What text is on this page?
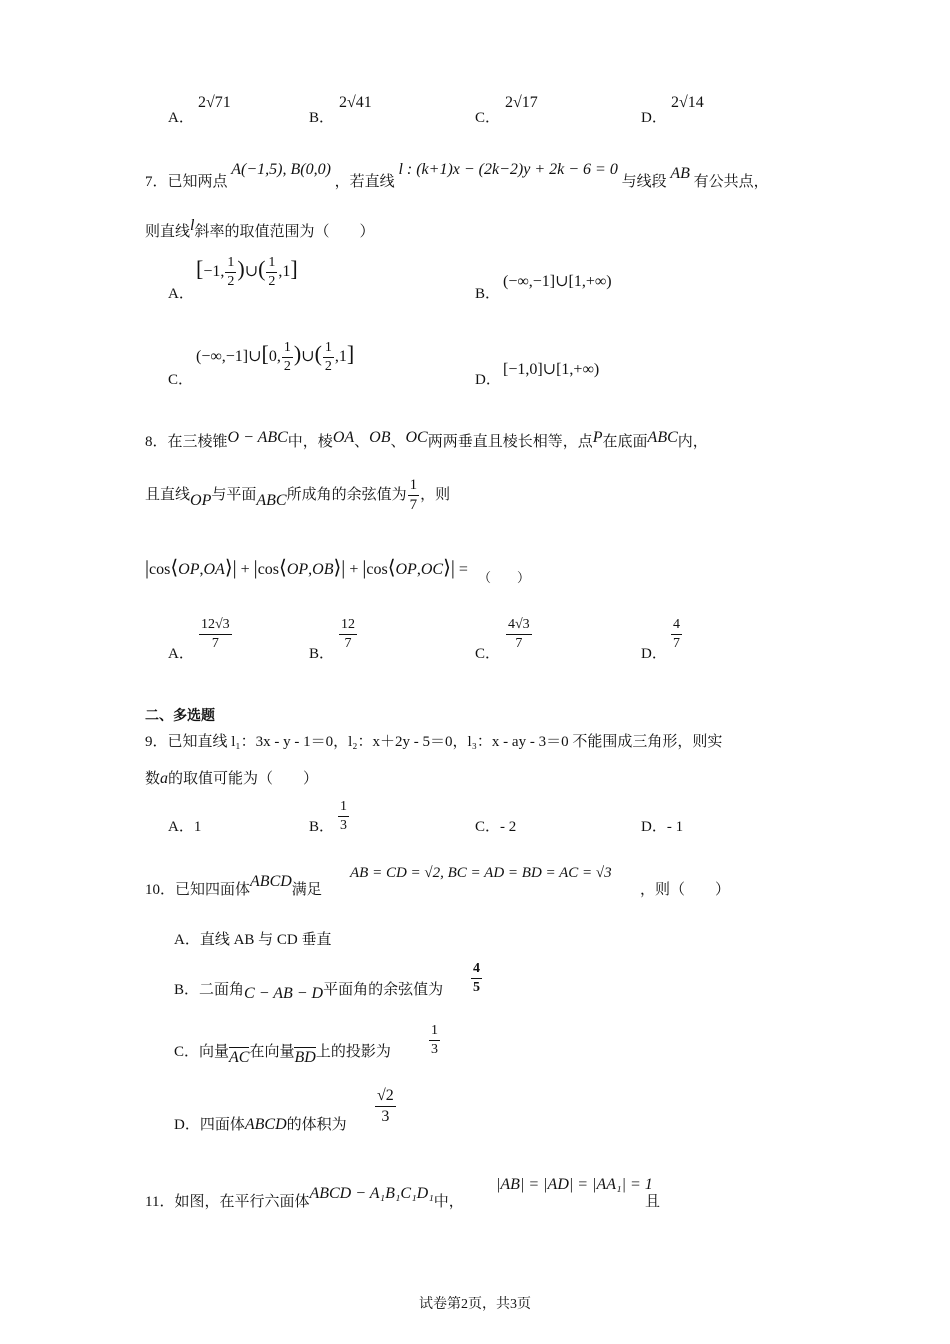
A．
2√71
B．
2√41
C．
2√17
D．
2√14
7．已知两点 A(−1,5), B(0,0) ，若直线 l : (k+1)x − (2k−2)y + 2k − 6 = 0 与线段 AB 有公共点，
则直线l斜率的取值范围为（　　）
A．
[−1, $\frac{1}{2}$ )∪( $\frac{1}{2} ,1$]
B．
(−∞,−1]∪[1,+∞)
C．
(−∞,−1]∪[0, $\frac{1}{2}$ )∪( $\frac{1}{2} ,1$]
D．
[−1,0]∪[1,+∞)
8．在三棱锥O − ABC中，棱OA、OB、OC两两垂直且棱长相等，点P在底面ABC内，
且直线OP与平面ABC所成角的余弦值为 $\frac{1}{7}$ ，则
|cos⟨OP,OA⟩| + |cos⟨OP,OB⟩| + |cos⟨OP,OC⟩| = （　　）
A．
$\frac{12√3}{7}$
B．
$\frac{12}{7}$
C．
$\frac{4√3}{7}$
D．
$\frac{4}{7}$
二、多选题
9．已知直线 l₁：3x - y - 1＝0，l₂：x＋2y - 5＝0，l₃：x - ay - 3＝0 不能围成三角形，则实
数a的取值可能为（　　）
A．1	B． $\frac{1}{3}$	C．- 2	D．- 1
10．已知四面体ABCD满足
AB = CD = √2, BC = AD = BD = AC = √3
，则（　　）
A．直线 AB 与 CD 垂直
B．二面角C − AB − D平面角的余弦值为 $\frac{4}{5}$
C．向量AC在向量BD上的投影为	$\frac{1}{3}$
D．四面体ABCD的体积为 $\frac{√2}{3}$
11．如图，在平行六面体ABCD − A₁B₁C₁D₁中，
|AB| = |AD| = |AA₁| = 1
且
试卷第2页，共3页
